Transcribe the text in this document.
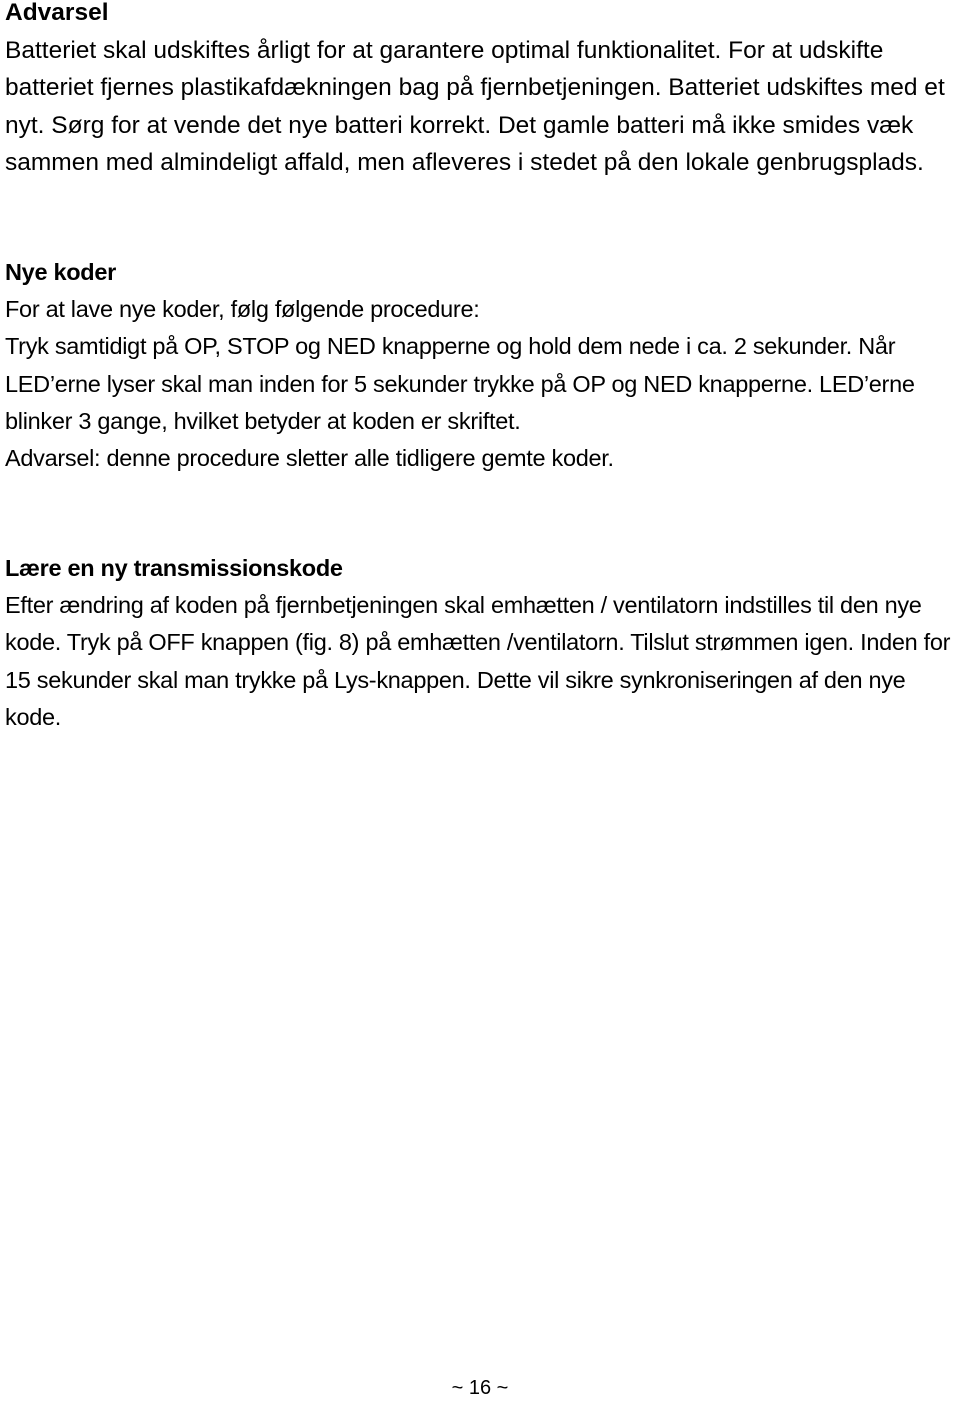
Advarsel

Batteriet skal udskiftes årligt for at garantere optimal funktionalitet. For at udskifte batteriet fjernes plastikafdækningen bag på fjernbetjeningen. Batteriet udskiftes med et nyt. Sørg for at vende det nye batteri korrekt. Det gamle batteri må ikke smides væk sammen med almindeligt affald, men afleveres i stedet på den lokale genbrugsplads.

Nye koder

For at lave nye koder, følg følgende procedure:

Tryk samtidigt på OP, STOP og NED knapperne og hold dem nede i ca. 2 sekunder. Når LED’erne lyser skal man inden for 5 sekunder trykke på OP og NED knapperne. LED’erne blinker 3 gange, hvilket betyder at koden er skriftet.

Advarsel: denne procedure sletter alle tidligere gemte koder.

Lære en ny transmissionskode

Efter ændring af koden på fjernbetjeningen skal emhætten / ventilatorn indstilles til den nye kode. Tryk på OFF knappen (fig. 8) på emhætten /ventilatorn. Tilslut strømmen igen. Inden for 15 sekunder skal man trykke på Lys-knappen. Dette vil sikre synkroniseringen af den nye kode.

~ 16 ~
